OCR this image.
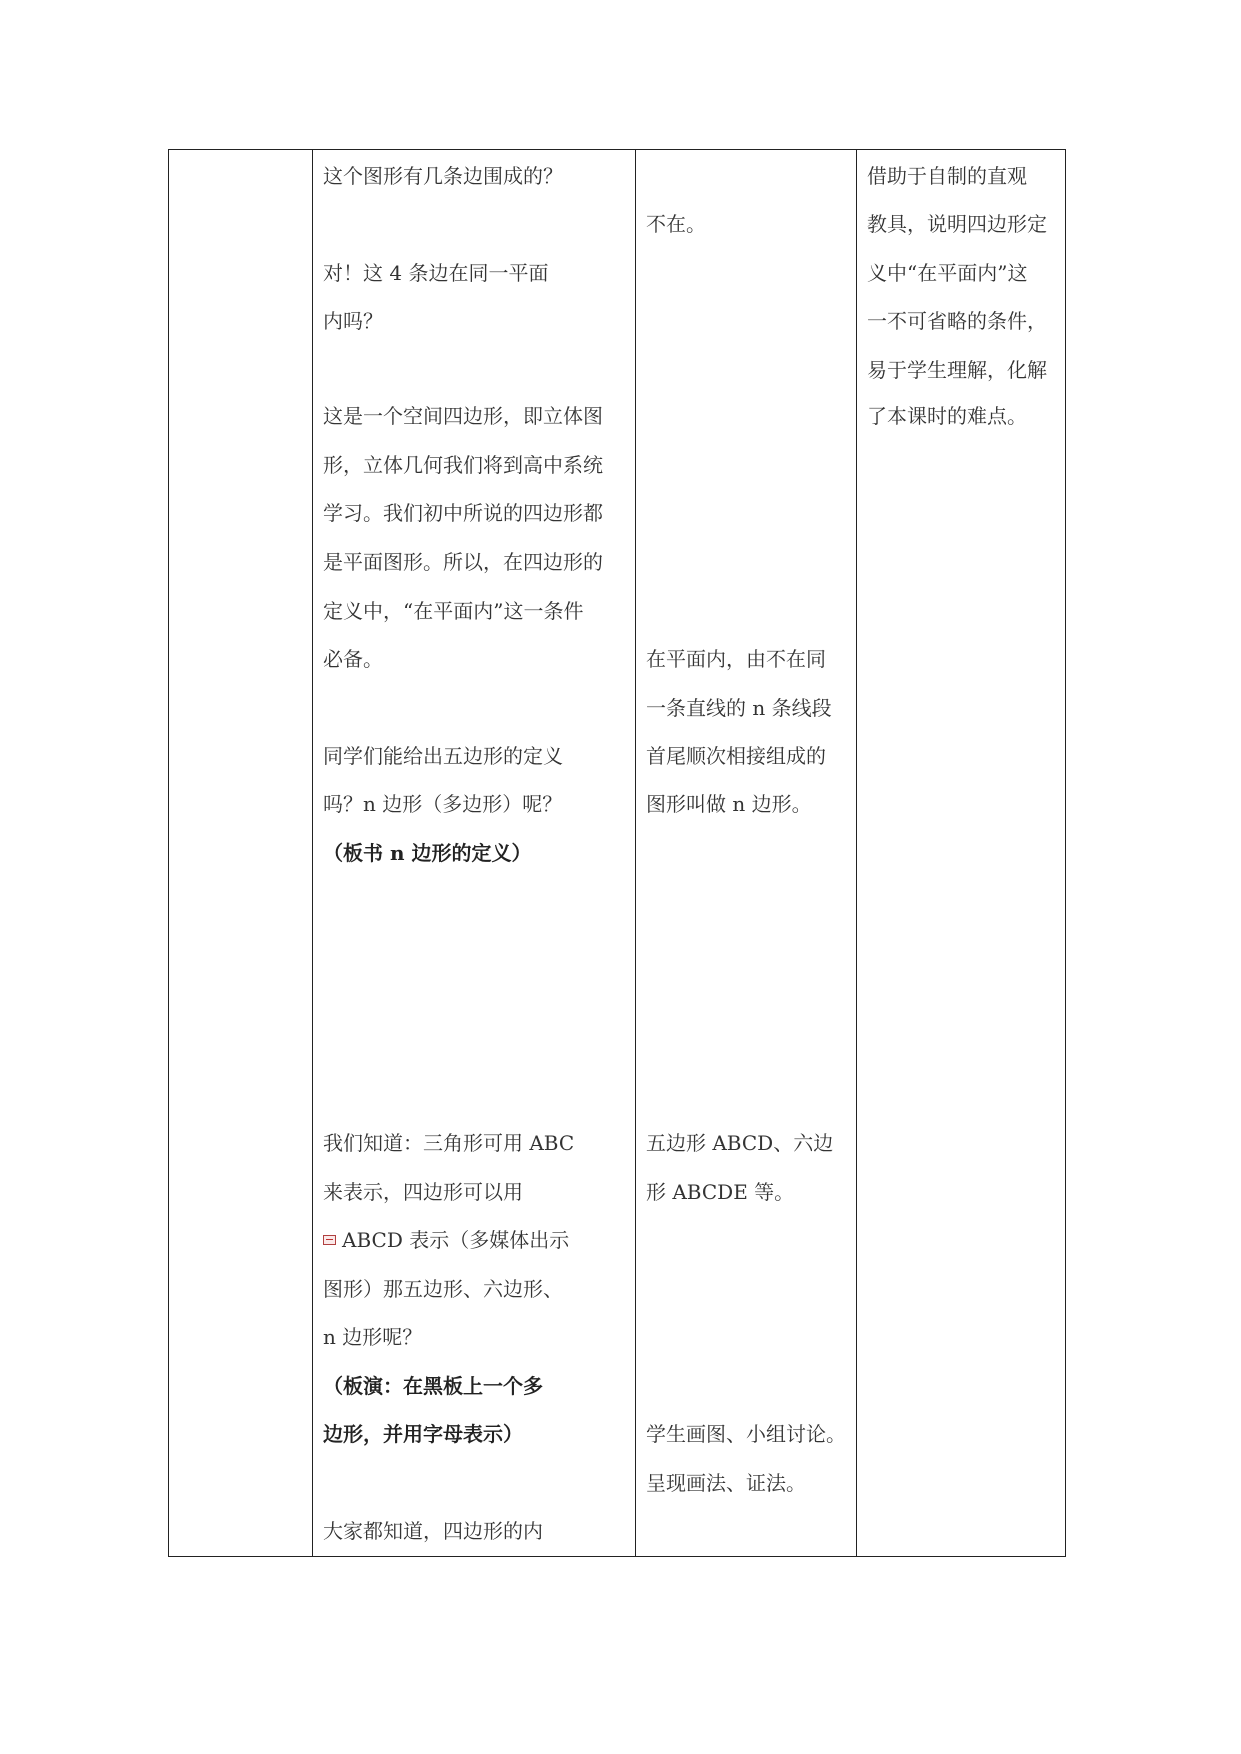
这个图形有几条边围成的？
对！这 4 条边在同一平面
内吗？
这是一个空间四边形，即立体图
形，立体几何我们将到高中系统
学习。我们初中所说的四边形都
是平面图形。所以，在四边形的
定义中，“在平面内”这一条件
必备。
同学们能给出五边形的定义
吗？n 边形（多边形）呢？
（板书 n 边形的定义）
我们知道：三角形可用 ABC
来表示，四边形可以用
ABCD 表示（多媒体出示
图形）那五边形、六边形、
n 边形呢？
（板演：在黑板上一个多
边形，并用字母表示）
大家都知道，四边形的内
不在。
在平面内，由不在同
一条直线的 n 条线段
首尾顺次相接组成的
图形叫做 n 边形。
五边形 ABCD、六边
形 ABCDE 等。
学生画图、小组讨论。
呈现画法、证法。
借助于自制的直观
教具，说明四边形定
义中“在平面内”这
一不可省略的条件，
易于学生理解，化解
了本课时的难点。
